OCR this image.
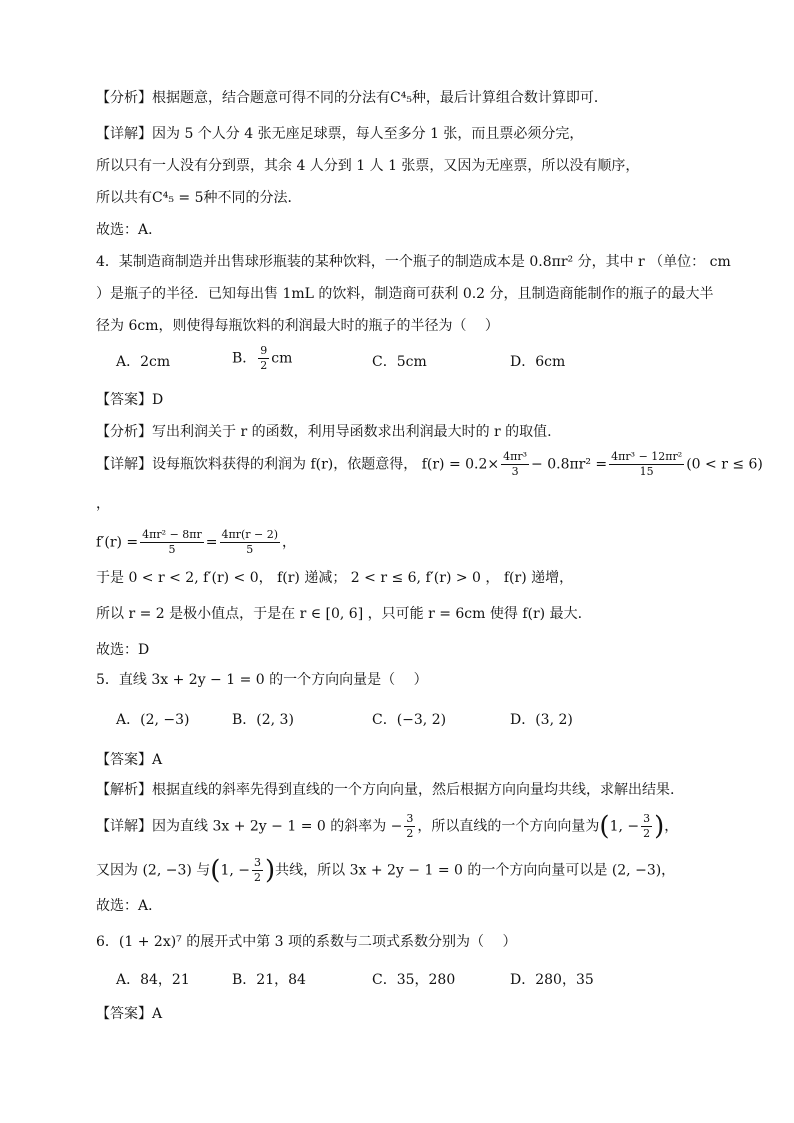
【分析】根据题意，结合题意可得不同的分法有C⁴₅种，最后计算组合数计算即可．
【详解】因为 5 个人分 4 张无座足球票，每人至多分 1 张，而且票必须分完，
所以只有一人没有分到票，其余 4 人分到 1 人 1 张票，又因为无座票，所以没有顺序，
所以共有C⁴₅ = 5种不同的分法．
故选：A．
4．某制造商制造并出售球形瓶装的某种饮料，一个瓶子的制造成本是 0.8πr² 分，其中 r （单位： cm
）是瓶子的半径．已知每出售 1mL 的饮料，制造商可获利 0.2 分，且制造商能制作的瓶子的最大半
径为 6cm，则使得每瓶饮料的利润最大时的瓶子的半径为（　 ）
A．2cm	B． $\frac{9}{2}$ cm	C．5cm	D．6cm
【答案】D
【分析】写出利润关于 r 的函数，利用导函数求出利润最大时的 r 的取值.
【详解】设每瓶饮料获得的利润为 f(r)，依题意得， $f(r) = 0.2\times \frac{\text{4πr³}}{3} - 0.8\pi r^2 = \frac{\text{4πr³ − 12πr²}}{15} (0 < r \le 6)$
，
$f'(r) = \frac{\text{4πr² − 8πr}}{5} = \frac{4\pi r(r - 2)}{5}$ ，
于是 0 < r < 2, f′(r) < 0， f(r) 递减； 2 < r ≤ 6, f′(r) > 0 ， f(r) 递增，
所以 r = 2 是极小值点，于是在 r ∈ [0, 6] ，只可能 r = 6cm 使得 f(r) 最大.
故选：D
5．直线 3x + 2y − 1 = 0 的一个方向向量是（　 ）
A．(2, −3)	B．(2, 3)	C．(−3, 2)	D．(3, 2)
【答案】A
【解析】根据直线的斜率先得到直线的一个方向向量，然后根据方向向量均共线，求解出结果.
【详解】因为直线 3x + 2y − 1 = 0 的斜率为 − $\frac{3}{2}$ ，所以直线的一个方向向量为(1, − $\frac{3}{2}$ )，
又因为 (2, −3) 与(1, − $\frac{3}{2}$ )共线，所以 3x + 2y − 1 = 0 的一个方向向量可以是 (2, −3)，
故选：A．
6．(1 + 2x)⁷ 的展开式中第 3 项的系数与二项式系数分别为（　 ）
A．84，21	B．21，84	C．35，280	D．280，35
【答案】A
